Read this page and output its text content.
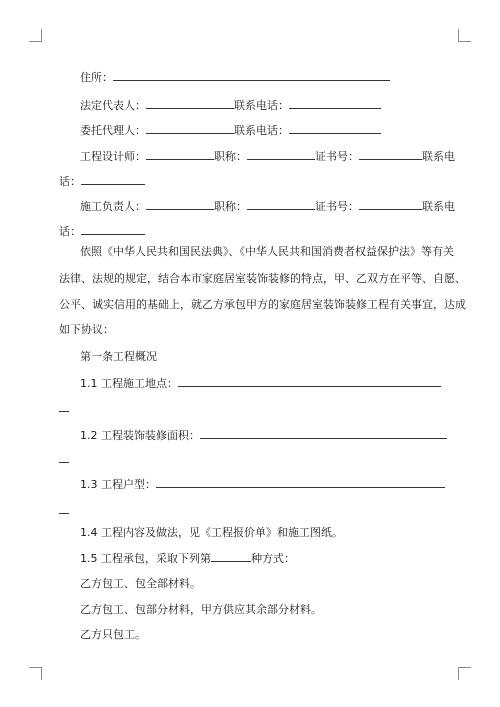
住所：
法定代表人：	联系电话：
委托代理人：	联系电话：
工程设计师：	职称：	证书号：	联系电
话：
施工负责人：	职称：	证书号：	联系电
话：
依照《中华人民共和国民法典》、《中华人民共和国消费者权益保护法》等有关
法律、法规的规定，结合本市家庭居室装饰装修的特点，甲、乙双方在平等、自愿、
公平、诚实信用的基础上，就乙方承包甲方的家庭居室装饰装修工程有关事宜，达成
如下协议：
第一条工程概况
1.1 工程施工地点：
1.2 工程装饰装修面积：
1.3 工程户型：
1.4 工程内容及做法，见《工程报价单》和施工图纸。
1.5 工程承包，采取下列第	种方式：
乙方包工、包全部材料。
乙方包工、包部分材料，甲方供应其余部分材料。
乙方只包工。
